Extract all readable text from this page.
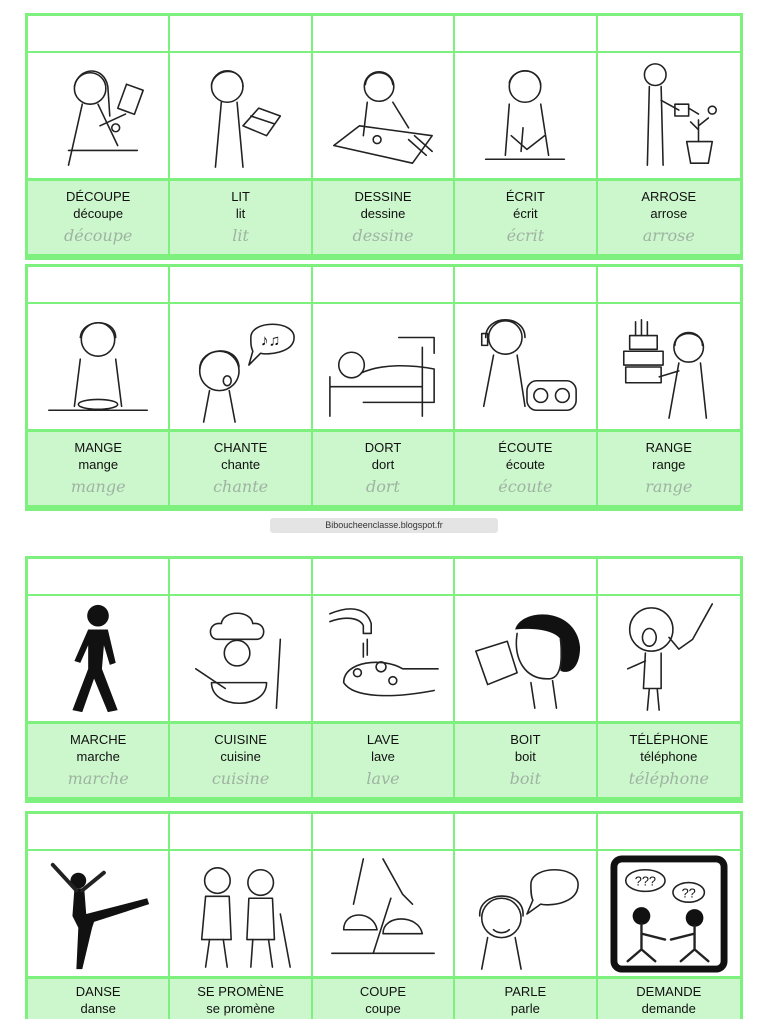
DÉCOUPE
découpe
découpe
LIT
lit
lit
DESSINE
dessine
dessine
ÉCRIT
écrit
écrit
ARROSE
arrose
arrose
MANGE
mange
mange
♪♫
CHANTE
chante
chante
DORT
dort
dort
ÉCOUTE
écoute
écoute
RANGE
range
range
Biboucheenclasse.blogspot.fr
MARCHE
marche
marche
CUISINE
cuisine
cuisine
LAVE
lave
lave
BOIT
boit
boit
TÉLÉPHONE
téléphone
téléphone
DANSE
danse
SE PROMÈNE
se promène
COUPE
coupe
PARLE
parle
???
??
DEMANDE
demande
